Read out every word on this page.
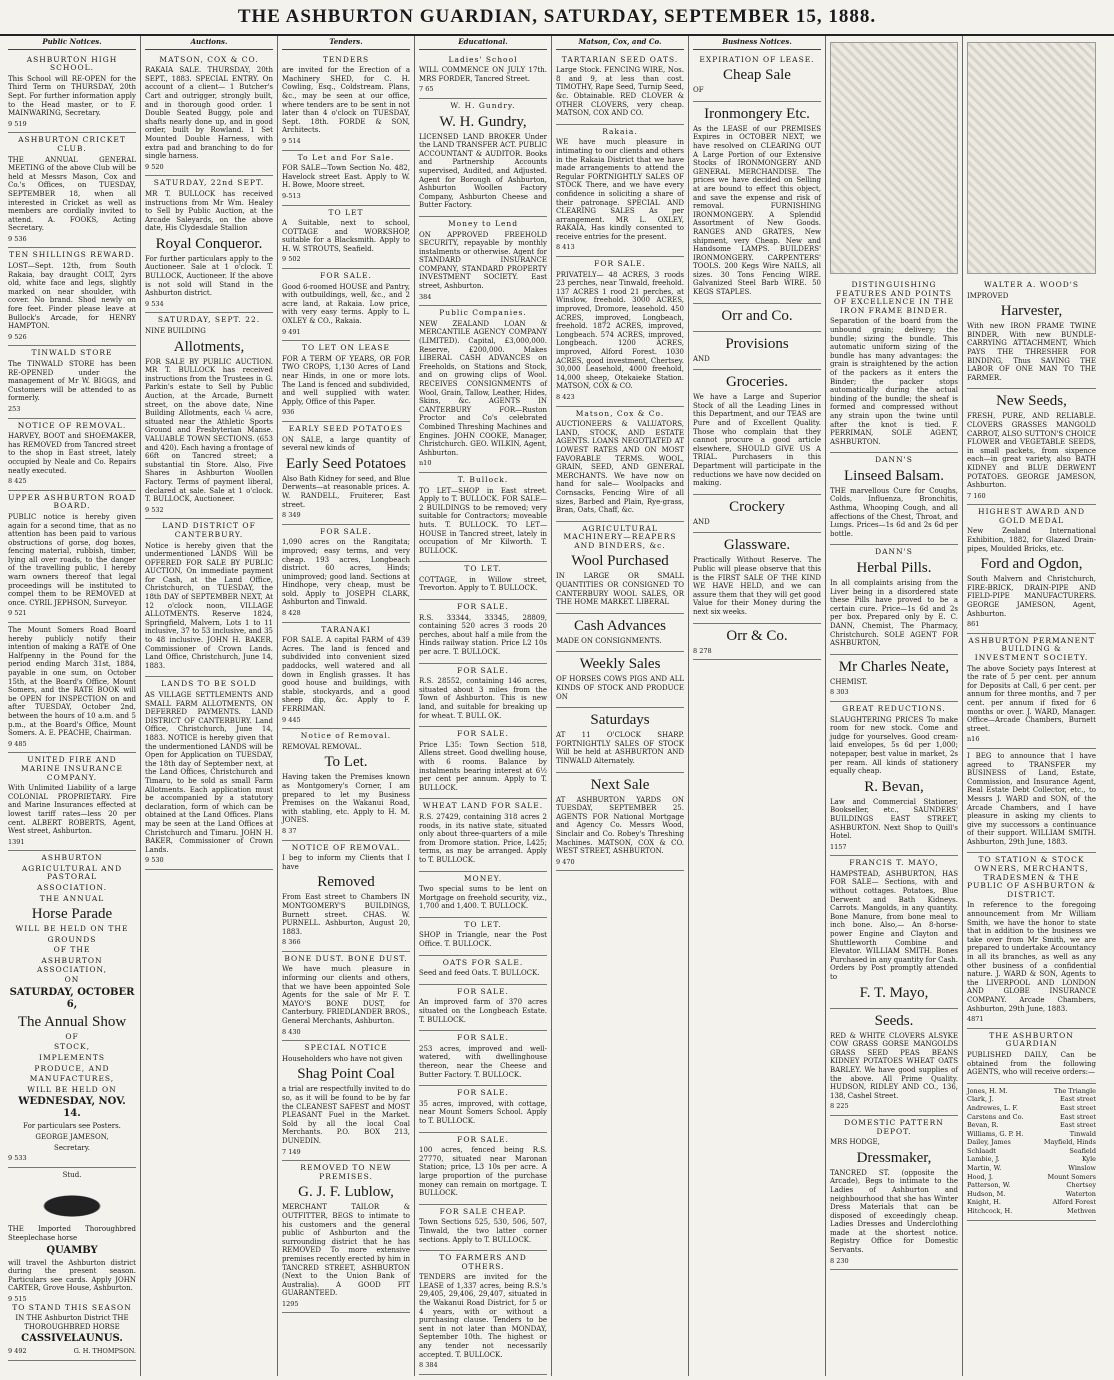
THE ASHBURTON GUARDIAN, SATURDAY, SEPTEMBER 15, 1888.
Public Notices.

ASHBURTON HIGH SCHOOL.

This School will RE-OPEN for the Third Term on THURSDAY, 20th Sept. For further information apply to the Head master, or to F. MAINWARING, Secretary.

9 519

ASHBURTON CRICKET CLUB.

THE ANNUAL GENERAL MEETING of the above Club will be held at Messrs Mason, Cox and Co.'s Offices, on TUESDAY, SEPTEMBER 18, when all interested in Cricket as well as members are cordially invited to attend. A. FOOKS, Acting Secretary.

9 536

TEN SHILLINGS REWARD.

LOST—Sept. 12th, from South Rakaia, bay draught COLT, 2yrs old, white face and legs, slightly marked on near shoulder, with cover. No brand. Shod newly on fore feet. Finder please leave at Bullock's Arcade, for HENRY HAMPTON.

9 526

TINWALD STORE

The TINWALD STORE has been RE-OPENED under the management of Mr W. BIGGS, and Customers will be attended to as formerly.

253

NOTICE OF REMOVAL.

HARVEY, BOOT and SHOEMAKER, has REMOVED from Tancred street to the shop in East street, lately occupied by Neale and Co. Repairs neatly executed.

8 425

UPPER ASHBURTON ROAD BOARD.

PUBLIC notice is hereby given again for a second time, that as no attention has been paid to various obstructions of gorse, dog boxes, fencing material, rubbish, timber, lying all over roads, to the danger of the travelling public, I hereby warn owners thereof that legal proceedings will be instituted to compel them to be REMOVED at once. CYRIL JEPHSON, Surveyor.

9 521

The Mount Somers Road Board hereby publicly notify their intention of making a RATE of One Halfpenny in the Pound for the period ending March 31st, 1884, payable in one sum, on October 15th, at the Board's Office, Mount Somers, and the RATE BOOK will be OPEN for INSPECTION on and after TUESDAY, October 2nd, between the hours of 10 a.m. and 5 p.m., at the Board's Office, Mount Somers. A. E. PEACHE, Chairman.

9 485

UNITED FIRE AND MARINE INSURANCE COMPANY.

With Unlimited Liability of a large COLONIAL PROPRIETARY. Fire and Marine Insurances effected at lowest tariff rates—less 20 per cent. ALBERT ROBERTS, Agent, West street, Ashburton.

1391

ASHBURTON

AGRICULTURAL AND PASTORAL

ASSOCIATION.

THE ANNUAL

Horse Parade

WILL BE HELD ON THE

GROUNDS

OF THE

ASHBURTON ASSOCIATION,

ON

SATURDAY, OCTOBER 6,

The Annual Show

OF

STOCK,

IMPLEMENTS

PRODUCE, AND

MANUFACTURES,

WILL BE HELD ON

WEDNESDAY, NOV. 14.

For particulars see Posters.

GEORGE JAMESON,

Secretary.

9 533

Stud.

THE Imported Thoroughbred Steeplechase horse

QUAMBY

will travel the Ashburton district during the present season. Particulars see cards. Apply JOHN CARTER, Grove House, Ashburton.

9 515

TO STAND THIS SEASON

IN THE Ashburton District THE THOROUGHBRED HORSE

CASSIVELAUNUS.

9 492	G. H. THOMPSON.
Auctions.

MATSON, COX & CO.

RAKAIA SALE. THURSDAY, 20th SEPT., 1883. SPECIAL ENTRY. On account of a client— 1 Butcher's Cart and outrigger, strongly built, and in thorough good order. 1 Double Seated Buggy, pole and shafts nearly done up, and in good order, built by Rowland. 1 Set Mounted Double Harness, with extra pad and branching to do for single harness.

9 520

SATURDAY, 22nd SEPT.

MR T. BULLOCK has received instructions from Mr Wm. Healey to Sell by Public Auction, at the Arcade Saleyards, on the above date, His Clydesdale Stallion

Royal Conqueror.

For further particulars apply to the Auctioneer. Sale at 1 o'clock. T. BULLOCK, Auctioneer. If the above is not sold will Stand in the Ashburton district.

9 534

SATURDAY, SEPT. 22.

NINE BUILDING

Allotments,

FOR SALE BY PUBLIC AUCTION. MR T. BULLOCK has received instructions from the Trustees in G. Parkin's estate to Sell by Public Auction, at the Arcade, Burnett street, on the above date, Nine Building Allotments, each ¼ acre, situated near the Athletic Sports Ground and Presbyterian Manse. VALUABLE TOWN SECTIONS. (653 and 420). Each having a frontage of 66ft on Tancred street; a substantial tin Store. Also, Five Shares in Ashburton Woollen Factory. Terms of payment liberal, declared at sale. Sale at 1 o'clock. T. BULLOCK, Auctioneer.

9 532

LAND DISTRICT OF CANTERBURY.

Notice is hereby given that the undermentioned LANDS Will be OFFERED FOR SALE BY PUBLIC AUCTION, On immediate payment for Cash, at the Land Office, Christchurch, on TUESDAY, the 18th DAY of SEPTEMBER NEXT, At 12 o'clock noon, VILLAGE ALLOTMENTS. Reserve 1824, Springfield, Malvern, Lots 1 to 11 inclusive, 37 to 53 inclusive, and 35 to 48 inclusive. JOHN H. BAKER, Commissioner of Crown Lands. Land Office, Christchurch, June 14, 1883.

LANDS TO BE SOLD

AS VILLAGE SETTLEMENTS AND SMALL FARM ALLOTMENTS, ON DEFERRED PAYMENTS. LAND DISTRICT OF CANTERBURY. Land Office, Christchurch, June 14, 1883. NOTICE is hereby given that the undermentioned LANDS will be Open for Application on TUESDAY, the 18th day of September next, at the Land Offices, Christchurch and Timaru, to be sold as small Farm Allotments. Each application must be accompanied by a statutory declaration, form of which can be obtained at the Land Offices. Plans may be seen at the Land Offices at Christchurch and Timaru. JOHN H. BAKER, Commissioner of Crown Lands.

9 530
Tenders.

TENDERS

are invited for the Erection of a Machinery SHED, for C. H. Cowling, Esq., Coldstream. Plans, &c., may be seen at our office, where tenders are to be sent in not later than 4 o'clock on TUESDAY, Sept. 18th. FORDE & SON, Architects.

9 514

To Let and For Sale.

FOR SALE—Town Section No. 482, Havelock street East. Apply to W. H. Bowe, Moore street.

9-513

TO LET

A Suitable, next to school, COTTAGE and WORKSHOP, suitable for a Blacksmith. Apply to H. W. STROUTS, Seafield.

9 502

FOR SALE.

Good 6-roomed HOUSE and Pantry, with outbuildings, well, &c., and 2 acre land, at Rakaia. Low price, with very easy terms. Apply to L. OXLEY & CO., Rakaia.

9 491

TO LET ON LEASE

FOR A TERM OF YEARS, OR FOR TWO CROPS, 1,130 Acres of Land near Hinds, in one or more lots. The Land is fenced and subdivided, and well supplied with water. Apply, Office of this Paper.

936

EARLY SEED POTATOES

ON SALE, a large quantity of several new kinds of

Early Seed Potatoes

Also Bath Kidney for seed, and Blue Derwents—at reasonable prices. A. W. RANDELL, Fruiterer, East street.

8 349

FOR SALE.

1,090 acres on the Rangitata; improved; easy terms, and very cheap. 193 acres, Longbeach district. 60 acres, Hinds; unimproved; good land. Sections at Hindhope, very cheap, must be sold. Apply to JOSEPH CLARK, Ashburton and Tinwald.

8 428

TARANAKI

FOR SALE. A capital FARM of 439 Acres. The land is fenced and subdivided into convenient sized paddocks, well watered and all down in English grasses. It has good house and buildings, with stable, stockyards, and a good sheep dip, &c. Apply to F. FERRIMAN.

9 445

Notice of Removal.

REMOVAL REMOVAL.

To Let.

Having taken the Premises known as Montgomery's Corner, I am prepared to let my Business Premises on the Wakanui Road, with stabling, etc. Apply to H. M. JONES.

8 37

NOTICE OF REMOVAL.

I beg to inform my Clients that I have

Removed

From East street to Chambers IN MONTGOMERY'S BUILDINGS, Burnett street. CHAS. W. PURNELL. Ashburton, August 20, 1883.

8 366

BONE DUST. BONE DUST.

We have much pleasure in informing our clients and others, that we have been appointed Sole Agents for the sale of Mr F. T. MAYO'S BONE DUST, for Canterbury. FRIEDLANDER BROS., General Merchants, Ashburton.

8 430

SPECIAL NOTICE

Householders who have not given

Shag Point Coal

a trial are respectfully invited to do so, as it will be found to be by far the CLEANEST SAFEST and MOST PLEASANT Fuel in the Market. Sold by all the local Coal Merchants. P.O. BOX 213, DUNEDIN.

7 149

REMOVED TO NEW PREMISES.

G. J. F. Lublow,

MERCHANT TAILOR & OUTFITTER, BEGS to intimate to his customers and the general public of Ashburton and the surrounding district that he has REMOVED To more extensive premises recently erected by him in TANCRED STREET, ASHBURTON (Next to the Union Bank of Australia). A GOOD FIT GUARANTEED.

1295
Educational.

Ladies' School

WILL COMMENCE ON JULY 17th. MRS FORDER, Tancred Street.

7 65

W. H. Gundry.

W. H. Gundry,

LICENSED LAND BROKER Under the LAND TRANSFER ACT. PUBLIC ACCOUNTANT & AUDITOR. Books and Partnership Accounts supervised, Audited, and Adjusted. Agent for Borough of Ashburton, Ashburton Woollen Factory Company, Ashburton Cheese and Butter Factory.

Money to Lend

ON APPROVED FREEHOLD SECURITY, repayable by monthly instalments or otherwise. Agent for STANDARD INSURANCE COMPANY, STANDARD PROPERTY INVESTMENT SOCIETY. East street, Ashburton.

384

Public Companies.

NEW ZEALAND LOAN & MERCANTILE AGENCY COMPANY (LIMITED). Capital, £3,000,000. Reserve, £200,000. Makes LIBERAL CASH ADVANCES on Freeholds, on Stations and Stock, and on growing clips of Wool. RECEIVES CONSIGNMENTS of Wool, Grain, Tallow, Leather, Hides, Skins, &c. AGENTS IN CANTERBURY FOR—Ruston Proctor and Co's celebrated Combined Threshing Machines and Engines. JOHN COOKE, Manager, Christchurch. GEO. WILKIN, Agent, Ashburton.

n10

T. Bullock.

TO LET—SHOP in East street. Apply to T. BULLOCK. FOR SALE—2 BUILDINGS to be removed; very suitable for Contractors; moveable huts. T. BULLOCK. TO LET—HOUSE in Tancred street, lately in occupation of Mr Kilworth. T. BULLOCK.

TO LET.

COTTAGE, in Willow street, Trevorton. Apply to T. BULLOCK.

FOR SALE.

R.S. 33344, 33345, 28809, containing 520 acres 3 roods 20 perches, about half a mile from the Hinds railway station. Price L2 10s per acre. T. BULLOCK.

FOR SALE.

R.S. 28552, containing 146 acres, situated about 3 miles from the Town of Ashburton. This is new land, and suitable for breaking up for wheat. T. BULL OK.

FOR SALE.

Price L35: Town Section 518, Allens street. Good dwelling house, with 6 rooms. Balance by instalments bearing interest at 6½ per cent per annum. Apply to T. BULLOCK.

WHEAT LAND FOR SALE.

R.S. 27429, containing 318 acres 2 roods, in its native state, situated only about three-quarters of a mile from Dromore station. Price, L425; terms, as may be arranged. Apply to T. BULLOCK.

MONEY.

Two special sums to be lent on Mortgage on freehold security, viz., 1,700 and 1,400. T. BULLOCK.

TO LET.

SHOP in Triangle, near the Post Office. T. BULLOCK.

OATS FOR SALE.

Seed and feed Oats. T. BULLOCK.

FOR SALE.

An improved farm of 370 acres situated on the Longbeach Estate. T. BULLOCK.

FOR SALE.

253 acres, improved and well-watered, with dwellinghouse thereon, near the Cheese and Butter Factory. T. BULLOCK.

FOR SALE.

35 acres, improved, with cottage, near Mount Somers School. Apply to T. BULLOCK.

FOR SALE.

100 acres, fenced being R.S. 27770, situated near Maronan Station; price, L3 10s per acre. A large proportion of the purchase money can remain on mortgage. T. BULLOCK.

FOR SALE CHEAP.

Town Sections 525, 530, 506, 507, Tinwald, the two latter corner sections. Apply to T. BULLOCK.

TO FARMERS AND OTHERS.

TENDERS are invited for the LEASE of 1,337 acres, being R.S.'s 29,405, 29,406, 29,407, situated in the Wakanui Road District, for 5 or 4 years, with or without a purchasing clause. Tenders to be sent in not later than MONDAY, September 10th. The highest or any tender not necessarily accepted. T. BULLOCK.

8 384
Matson, Cox, and Co.

TARTARIAN SEED OATS.

Large Stock. FENCING WIRE, Nos. 8 and 9, at less than cost. TIMOTHY, Rape Seed, Turnip Seed, &c. Obtainable. RED CLOVER & OTHER CLOVERS, very cheap. MATSON, COX AND CO.

Rakaia.

WE have much pleasure in intimating to our clients and others in the Rakaia District that we have made arrangements to attend the Regular FORTNIGHTLY SALES OF STOCK There, and we have every confidence in soliciting a share of their patronage. SPECIAL AND CLEARING SALES As per arrangement. MR L. OXLEY, RAKAIA, Has kindly consented to receive entries for the present.

8 413

FOR SALE.

PRIVATELY— 48 ACRES, 3 roods 23 perches, near Tinwald, freehold. 137 ACRES 1 rood 21 perches, at Winslow, freehold. 3000 ACRES, improved, Dromore, leasehold. 450 ACRES, improved, Longbeach, freehold. 1872 ACRES, improved, Longbeach. 574 ACRES, improved, Longbeach. 1200 ACRES, improved, Alford Forest. 1030 ACRES, good investment, Chertsey. 30,000 Leasehold, 4000 freehold, 14,000 sheep, Otekaieke Station. MATSON, COX & CO.

8 423

Matson, Cox & Co.

AUCTIONEERS & VALUATORS, LAND, STOCK, AND ESTATE AGENTS. LOANS NEGOTIATED AT LOWEST RATES AND ON MOST FAVORABLE TERMS. WOOL, GRAIN, SEED, AND GENERAL MERCHANTS. We have now on hand for sale— Woolpacks and Cornsacks, Fencing Wire of all sizes, Barbed and Plain, Rye-grass, Bran, Oats, Chaff, &c.

AGRICULTURAL MACHINERY—REAPERS AND BINDERS, &c.

Wool Purchased

IN LARGE OR SMALL QUANTITIES OR CONSIGNED TO CANTERBURY WOOL SALES, OR THE HOME MARKET. LIBERAL

Cash Advances

MADE ON CONSIGNMENTS.

Weekly Sales

OF HORSES COWS PIGS AND ALL KINDS OF STOCK AND PRODUCE ON

Saturdays

AT 11 O'CLOCK SHARP. FORTNIGHTLY SALES OF STOCK Will be held at ASHBURTON AND TINWALD Alternately.

Next Sale

AT ASHBURTON YARDS ON TUESDAY, SEPTEMBER 25. AGENTS FOR National Mortgage and Agency Co. Messrs Wood, Sinclair and Co. Robey's Threshing Machines. MATSON, COX & CO. WEST STREET, ASHBURTON.

9 470
Business Notices.

EXPIRATION OF LEASE.

Cheap Sale

OF

Ironmongery Etc.

As the LEASE of our PREMISES Expires in OCTOBER NEXT, we have resolved on CLEARING OUT A Large Portion of our Extensive Stocks of IRONMONGERY AND GENERAL MERCHANDISE. The prices we have decided on Selling at are bound to effect this object, and save the expense and risk of removal. FURNISHING IRONMONGERY. A Splendid Assortment of New Goods. RANGES AND GRATES, New shipment, very Cheap. New and Handsome LAMPS. BUILDERS' IRONMONGERY. CARPENTERS' TOOLS. 200 Kegs Wire NAILS, all sizes. 30 Tons Fencing WIRE. Galvanized Steel Barb WIRE. 50 KEGS STAPLES.

Orr and Co.

Provisions

AND

Groceries.

We have a Large and Superior Stock of all the Leading Lines in this Department, and our TEAS are Pure and of Excellent Quality. Those who complain that they cannot procure a good article elsewhere, SHOULD GIVE US A TRIAL. Purchasers in this Department will participate in the reductions we have now decided on making.

Crockery

AND

Glassware.

Practically Without Reserve. The Public will please observe that this is the FIRST SALE OF THE KIND WE HAVE HELD, and we can assure them that they will get good Value for their Money during the next six weeks.

Orr & Co.

8 278

DISTINGUISHING FEATURES AND POINTS OF EXCELLENCE IN THE IRON FRAME BINDER.

Separation of the board from the unbound grain; delivery; the bundle; sizing the bundle. This automatic uniform sizing of the bundle has many advantages: the grain is straightened by the action of the packers as it enters the Binder; the packer stops automatically during the actual binding of the bundle; the sheaf is formed and compressed without any strain upon the twine until after the knot is tied. F. PERRIMAN, SOLE AGENT, ASHBURTON.

DANN'S

Linseed Balsam.

THE marvellous Cure for Coughs, Colds, Influenza, Bronchitis, Asthma, Whooping Cough, and all affections of the Chest, Throat, and Lungs. Prices—1s 6d and 2s 6d per bottle.

DANN'S

Herbal Pills.

In all complaints arising from the Liver being in a disordered state these Pills have proved to be a certain cure. Price—1s 6d and 2s per box. Prepared only by E. C. DANN, Chemist, The Pharmacy, Christchurch. SOLE AGENT FOR ASHBURTON,

Mr Charles Neate,

CHEMIST.

8 303

GREAT REDUCTIONS.

SLAUGHTERING PRICES To make room for new stock. Come and judge for yourselves. Good cream-laid envelopes, 5s 6d per 1,000; notepaper, best value in market, 2s per ream. All kinds of stationery equally cheap.

R. Bevan,

Law and Commercial Stationer, Bookseller, etc., SAUNDERS' BUILDINGS EAST STREET, ASHBURTON. Next Shop to Quill's Hotel.

1157

FRANCIS T. MAYO,

HAMPSTEAD, ASHBURTON, HAS FOR SALE— Sections, with and without cottages. Potatoes, Blue Derwent and Bath Kidneys. Carrots. Mangolds, in any quantity. Bone Manure, from bone meal to inch bone. Also,— An 8-horse-power Engine and Clayton and Shuttleworth Combine and Elevator. WILLIAM SMITH. Bones Purchased in any quantity for Cash. Orders by Post promptly attended to

F. T. Mayo,

Seeds.

RED & WHITE CLOVERS ALSYKE COW GRASS GORSE MANGOLDS GRASS SEED PEAS BEANS KIDNEY POTATOES WHEAT OATS BARLEY. We have good supplies of the above. All Prime Quality. HUDSON, RIDLEY AND CO., 136, 138, Cashel Street.

8 225

DOMESTIC PATTERN DEPOT.

MRS HODGE,

Dressmaker,

TANCRED ST. (opposite the Arcade), Begs to intimate to the Ladies of Ashburton and neighbourhood that she has Winter Dress Materials that can be disposed of exceedingly cheap. Ladies Dresses and Underclothing made at the shortest notice. Registry Office for Domestic Servants.

8 230

WALTER A. WOOD'S

IMPROVED

Harvester,

With new IRON FRAME TWINE BINDER, With new BUNDLE-CARRYING ATTACHMENT, Which PAYS THE THRESHER FOR BINDING, Thus SAVING THE LABOR OF ONE MAN TO THE FARMER.

New Seeds,

FRESH, PURE, AND RELIABLE. CLOVERS GRASSES MANGOLD CARROT, ALSO SUTTON'S CHOICE FLOWER and VEGETABLE SEEDS, in small packets, from sixpence each—in great variety, also BATH KIDNEY and BLUE DERWENT POTATOES. GEORGE JAMESON, Ashburton.

7 160

HIGHEST AWARD AND GOLD MEDAL

New Zealand International Exhibition, 1882, for Glazed Drain-pipes, Moulded Bricks, etc.

Ford and Ogdon,

South Malvern and Christchurch, FIRE-BRICK, DRAIN-PIPE AND FIELD-PIPE MANUFACTURERS. GEORGE JAMESON, Agent, Ashburton.

861

ASHBURTON PERMANENT BUILDING & INVESTMENT SOCIETY.

The above Society pays Interest at the rate of 5 per cent. per annum for Deposits at Call, 6 per cent. per annum for three months, and 7 per cent. per annum if fixed for 6 months or over. J. WARD, Manager. Office—Arcade Chambers, Burnett street.

n16

I BEG to announce that I have agreed to TRANSFER my BUSINESS of Land, Estate, Commission, and Insurance Agent, Real Estate Debt Collector, etc., to Messrs J. WARD and SON, of the Arcade Chambers, and I have pleasure in asking my clients to give my successors a continuance of their support. WILLIAM SMITH. Ashburton, 29th June, 1883.

TO STATION & STOCK OWNERS, MERCHANTS, TRADESMEN & THE PUBLIC OF ASHBURTON & DISTRICT.

In reference to the foregoing announcement from Mr William Smith, we have the honor to state that in addition to the business we take over from Mr Smith, we are prepared to undertake Accountancy in all its branches, as well as any other business of a confidential nature. J. WARD & SON, Agents to the LIVERPOOL AND LONDON AND GLOBE INSURANCE COMPANY. Arcade Chambers, Ashburton, 29th June, 1883.

4871

THE ASHBURTON GUARDIAN

PUBLISHED DAILY, Can be obtained from the following AGENTS, who will receive orders:—

Jones, H. M.	The Triangle
Clark, J.	East street
Andrewes, L. F.	East street
Carstens and Co.	East street
Bevan, R.	East street
Williams, G. P. H.	Tinwald
Dailey, James	Mayfield, Hinds
Schlaadt	Seafield
Lambie, J.	Kyle
Martin, W.	Winslow
Hood, J.	Mount Somers
Patterson, W.	Chertsey
Hudson, M.	Waterton
Knight, H.	Alford Forest
Hitchcock, H.	Methven
